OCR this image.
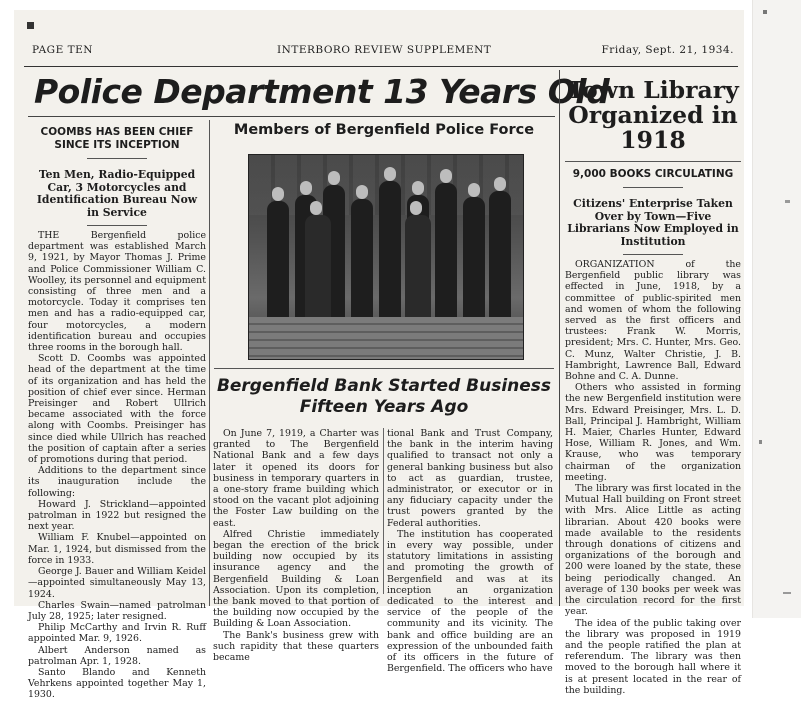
PAGE TEN	INTERBORO REVIEW SUPPLEMENT	Friday, Sept. 21, 1934.
Police Department 13 Years Old
COOMBS HAS BEEN CHIEF SINCE ITS INCEPTION
Ten Men, Radio-Equipped Car, 3 Motorcycles and Identification Bureau Now in Service

THE Bergenfield police department was established March 9, 1921, by Mayor Thomas J. Prime and Police Commissioner William C. Woolley, its personnel and equipment consisting of three men and a motorcycle. Today it comprises ten men and has a radio-equipped car, four motorcycles, a modern identification bureau and occupies three rooms in the borough hall.

Scott D. Coombs was appointed head of the department at the time of its organization and has held the position of chief ever since. Herman Preisinger and Robert Ullrich became associated with the force along with Coombs. Preisinger has since died while Ullrich has reached the position of captain after a series of promotions during that period.

Additions to the department since its inauguration include the following:

Howard J. Strickland—appointed patrolman in 1922 but resigned the next year.

William F. Knubel—appointed on Mar. 1, 1924, but dismissed from the force in 1933.

George J. Bauer and William Keidel—appointed simultaneously May 13, 1924.

Charles Swain—named patrolman July 28, 1925; later resigned.

Philip McCarthy and Irvin R. Ruff appointed Mar. 9, 1926.

Albert Anderson named as patrolman Apr. 1, 1928.

Santo Blando and Kenneth Vehrkens appointed together May 1, 1930.

Members of Bergenfield Police Force
Bergenfield Bank Started Business
Fifteen Years Ago

On June 7, 1919, a Charter was granted to The Bergenfield National Bank and a few days later it opened its doors for business in temporary quarters in a one-story frame building which stood on the vacant plot adjoining the Foster Law building on the east.

Alfred Christie immediately began the erection of the brick building now occupied by its insurance agency and the Bergenfield Building & Loan Association. Upon its completion, the bank moved to that portion of the building now occupied by the Building & Loan Association.

The Bank's business grew with such rapidity that these quarters became

tional Bank and Trust Company, the bank in the interim having qualified to transact not only a general banking business but also to act as guardian, trustee, administrator, or executor or in any fiduciary capacity under the trust powers granted by the Federal authorities.

The institution has cooperated in every way possible, under statutory limitations in assisting and promoting the growth of Bergenfield and was at its inception an organization dedicated to the interest and service of the people of the community and its vicinity. The bank and office building are an expression of the unbounded faith of its officers in the future of Bergenfield. The officers who have

Town Library Organized in 1918
9,000 BOOKS CIRCULATING
Citizens' Enterprise Taken Over by Town—Five Librarians Now Employed in Institution

ORGANIZATION of the Bergenfield public library was effected in June, 1918, by a committee of public-spirited men and women of whom the following served as the first officers and trustees: Frank W. Morris, president; Mrs. C. Hunter, Mrs. Geo. C. Munz, Walter Christie, J. B. Hambright, Lawrence Ball, Edward Bohne and C. A. Dunne.

Others who assisted in forming the new Bergenfield institution were Mrs. Edward Preisinger, Mrs. L. D. Ball, Principal J. Hambright, William H. Maier, Charles Hunter, Edward Hose, William R. Jones, and Wm. Krause, who was temporary chairman of the organization meeting.

The library was first located in the Mutual Hall building on Front street with Mrs. Alice Little as acting librarian. About 420 books were made available to the residents through donations of citizens and organizations of the borough and 200 were loaned by the state, these being periodically changed. An average of 130 books per week was the circulation record for the first year.

The idea of the public taking over the library was proposed in 1919 and the people ratified the plan at referendum. The library was then moved to the borough hall where it is at present located in the rear of the building.
